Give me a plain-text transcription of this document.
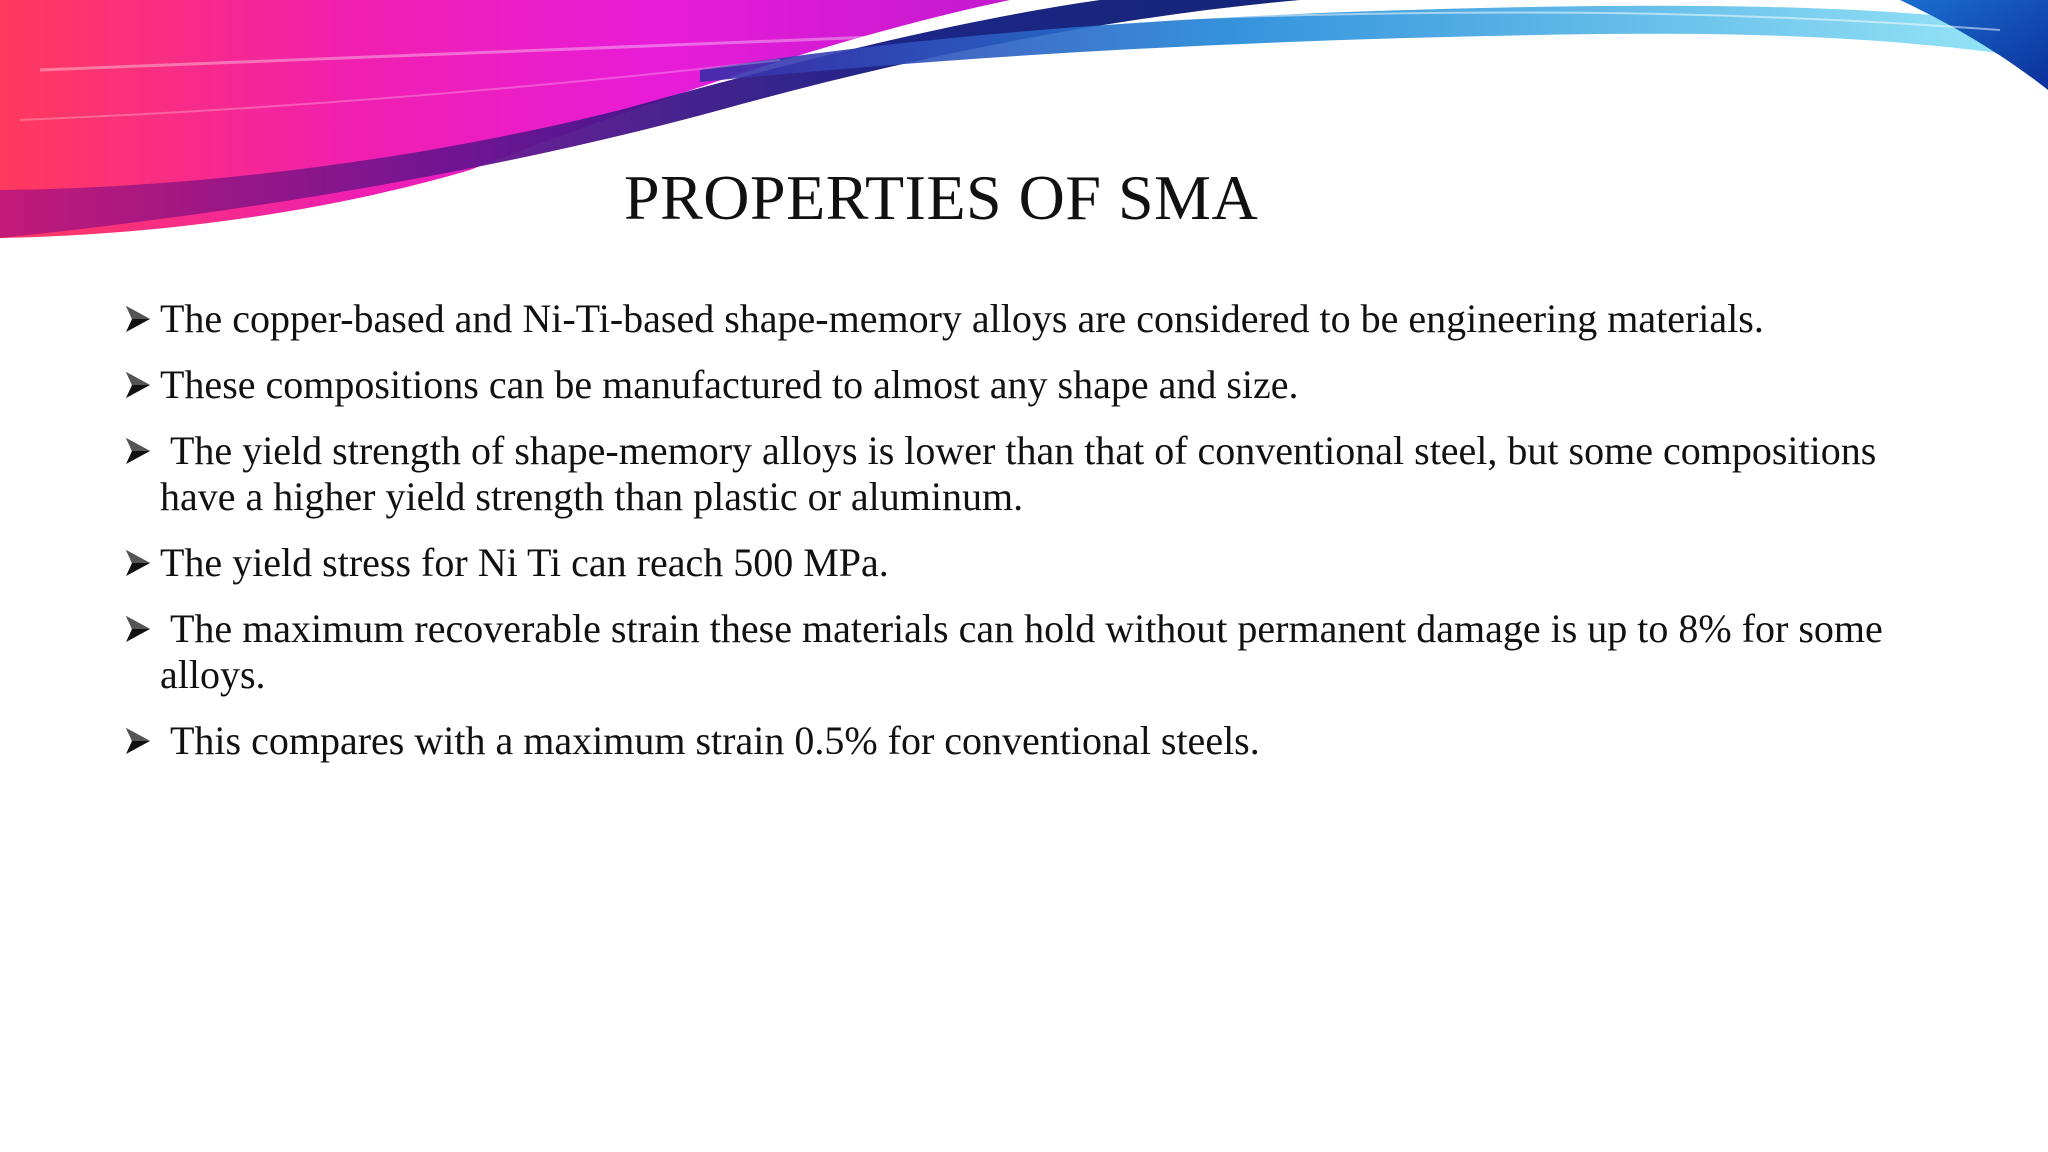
PROPERTIES OF SMA
The copper-based and Ni-Ti-based shape-memory alloys are considered to be engineering materials.
These compositions can be manufactured to almost any shape and size.
The yield strength of shape-memory alloys is lower than that of conventional steel, but some compositions have a higher yield strength than plastic or aluminum.
The yield stress for Ni Ti can reach 500 MPa.
The maximum recoverable strain these materials can hold without permanent damage is up to 8% for some alloys.
This compares with a maximum strain 0.5% for conventional steels.
